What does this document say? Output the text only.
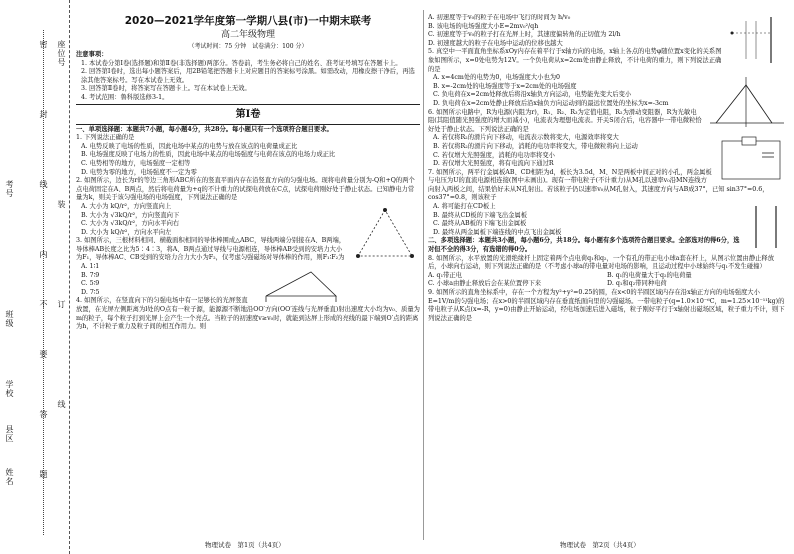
姓名
考号
班级
学校
县区
密
封
线
内
不
要
答
题
座位号
装
订
线
2020—2021学年度第一学期八县(市)一中期末联考
高二年级物理
（考试时间：75 分钟　试卷满分：100 分）
注意事项：
1. 本试卷分第Ⅰ卷(选择题)和第Ⅱ卷(非选择题)两部分。答卷前，考生务必将自己的姓名、准考证号填写在答题卡上。
2. 回答第Ⅰ卷时，选出每小题答案后，用2B铅笔把答题卡上对应题目的答案标号涂黑。如需改动，用橡皮擦干净后，再选涂其他答案标号。写在本试卷上无效。
3. 回答第Ⅱ卷时，将答案写在答题卡上。写在本试卷上无效。
4. 考试范围：鲁科版选修3-1。
第Ⅰ卷
一、单项选择题：本题共7小题，每小题4分，共28分。每小题只有一个选项符合题目要求。
1. 下列说法正确的是
A. 电势反映了电场的性质，因此电场中某点的电势与放在该点的电荷量成正比
B. 电场强度反映了电场力的性质，因此电场中某点的电场强度与电荷在该点的电场力成正比
C. 电势相等的地方，电场强度一定相等
D. 电势为零的地方，电场强度不一定为零
2. 如图所示，边长为r的等边三角形ABC所在的竖直平面内存在沿竖直方向的匀强电场。现将电荷量分别为-Q和+Q的两个点电荷固定在A、B两点，然后将电荷量为+q的不计重力的试探电荷放在C点，试探电荷刚好处于静止状态。已知静电力常量为k，则关于该匀强电场的电场强度，下列说法正确的是
A. 大小为 kQ/r²，方向竖直向上
B. 大小为 √3kQ/r²，方向竖直向下
C. 大小为 √3kQ/r²，方向水平向右
D. 大小为 kQ/r²，方向水平向左
3. 如图所示，三根材料相同、横截面积相同的导体棒围成△ABC，导线两端分别接在A、B两端，导体棒AB长度之比为5∶4∶3，将A、B两点通过导线与电源相连，导体棒AB受到的安培力大小为F₁，导体棒AC、CB受到的安培力合力大小为F₂，仅考虑匀强磁场对导体棒的作用，则F₁∶F₂为
A. 1∶1
B. 7∶9
C. 5∶9
D. 7∶5
4. 如图所示，在竖直向下的匀强电场中有一足够长的光屏竖直放置，在光屏左侧距离为l处的O点有一粒子源，能源源不断地沿OO′方向(OO′连线与光屏垂直)射出速度大小均为v₀、质量为m的粒子，每个粒子打到光屏上会产生一个亮点。当粒子的初速度v≥v₀时，就能到达屏上形成的亮线的最下端到O′点的距离为h，不计粒子重力及粒子间的相互作用力。则
A. 初速度等于v₀的粒子在电场中飞行的时间为 h/v₀
B. 该电场的电场强度大小E=2mv₀²/qh
C. 初速度等于v₀的粒子打在光屏上时，其速度偏转角的正切值为 2l/h
D. 初速度越大的粒子在电场中运动的位移也越大
5. 真空中一平面直角坐标系xOy内存在着平行于x轴方向的电场，x轴上各点的电势φ随位置x变化的关系图象如图所示，x=0处电势为12V。一个负电荷从x=2cm处由静止释放，不计电荷的重力，则下列说法正确的是
A. x=4cm处的电势为0，电场强度大小也为0
B. x=-2cm处的电场强度等于x=2cm处的电场强度
C. 负电荷在x=2cm处释放后将沿x轴负方向运动，电势能先变大后变小
D. 负电荷在x=2cm处静止释放后沿x轴负方向运动到的最远位置处的坐标为x=-3cm
6. 如图所示电路中，R为电源(内阻为r)，R₁、R₂、R₃为定值电阻，R₂为滑动变阻器，R为光敏电阻(其阻值随光照强度的增大而减小)，电流表为理想电流表。开关S闭合后，电容器中一带电微粒恰好处于静止状态。下列说法正确的是
A. 若仅将R₂的滑片向下移动，电流表示数将变大，电源效率将变大
B. 若仅将R₂的滑片向下移动，消耗的电功率将变大，带电微粒将向上运动
C. 若仅增大光照强度，消耗的电功率将变小
D. 若仅增大光照强度，将有电流向下通过R
7. 如图所示，两平行金属板AB、CD相距为d，板长为3.5d，M、N是两板中间正对的小孔，两金属板与电压为U的直流电源相连接(图中未画出)。现有一带电粒子(不计重力)从M孔以速率v₀沿MN连线方向射入两板之间，结果恰好未从N孔射出。若该粒子仍以速率v₀从M孔射入，其速度方向与AB成37°，已知 sin37°=0.6，cos37°=0.8，则该粒子
A. 将可能打在CD板上
B. 最终从CD板的下端飞出金属板
C. 最终从AB板的下端飞出金属板
D. 最终从两金属板下端连线的中点飞出金属板
二、多项选择题：本题共3小题，每小题6分，共18分。每小题有多个选项符合题目要求。全部选对的得6分，选对但不全的得3分，有选错的得0分。
8. 如图所示，水平放置的光滑绝缘杆上固定着两个点电荷q₁和q₂，一个有孔的带正电小球a套在杆上，从图示位置由静止释放后，小球向右运动，则下列说法正确的是（不考虑小球a的带电量对电场的影响，且运动过程中小球始终与q₁不发生碰撞）
A. q₁带正电	B. q₁的电荷量大于q₂的电荷量
C. 小球a由静止释放后会在某位置停下来	D. q₁和q₂带同种电荷
9. 如图所示的直角坐标系中，存在一个方程为y²+y²=0.25的圆，在x<0的半圆区域内存在沿x轴正方向的电场强度大小E=1V/m的匀强电场；在x>0的半圆区域内存在垂直纸面向里的匀强磁场。一带电粒子(q=1.0×10⁻⁶C，m=1.25×10⁻¹¹kg)的带电粒子从K点(x=-R，y=0)由静止开始运动，经电场加速后进入磁场，粒子刚好平行于x轴射出磁场区域，粒子重力不计，则下列说法正确的是
物理试卷　第1页（共4页）	物理试卷　第2页（共4页）
